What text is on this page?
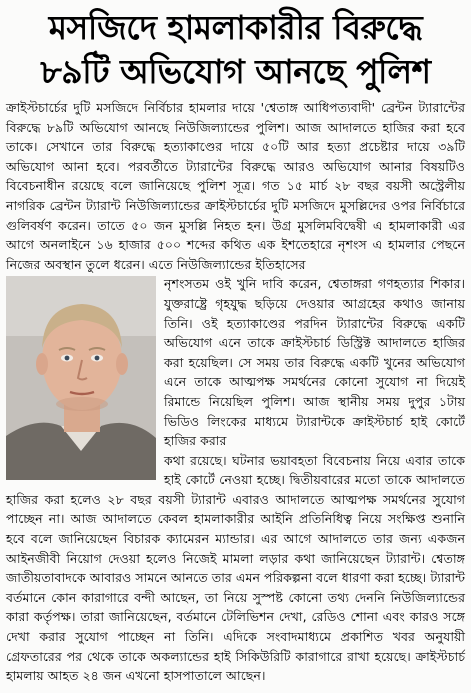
মসজিদে হামলাকারীর বিরুদ্ধে
৮৯টি অভিযোগ আনছে পুলিশ

ক্রাইস্টচার্চের দুটি মসজিদে নির্বিচার হামলার দায়ে 'শ্বেতাঙ্গ আধিপত্যবাদী' ব্রেন্টন ট্যারান্টের বিরুদ্ধে ৮৯টি অভিযোগ আনছে নিউজিল্যান্ডের পুলিশ। আজ আদালতে হাজির করা হবে তাকে। সেখানে তার বিরুদ্ধে হত্যাকাণ্ডের দায়ে ৫০টি আর হত্যা প্রচেষ্টার দায়ে ৩৯টি অভিযোগ আনা হবে। পরবর্তীতে ট্যারান্টের বিরুদ্ধে আরও অভিযোগ আনার বিষয়টিও বিবেচনাধীন রয়েছে বলে জানিয়েছে পুলিশ সূত্র। গত ১৫ মার্চ ২৮ বছর বয়সী অস্ট্রেলীয় নাগরিক ব্রেন্টন ট্যারান্ট নিউজিল্যান্ডের ক্রাইস্টচার্চের দুটি মসজিদে মুসল্লিদের ওপর নির্বিচারে গুলিবর্ষণ করেন। তাতে ৫০ জন মুসল্লি নিহত হন। উগ্র মুসলিমবিদ্বেষী এ হামলাকারী এর আগে অনলাইনে ১৬ হাজার ৫০০ শব্দের কথিত এক ইশতেহারে নৃশংস এ হামলার পেছনে নিজের অবস্থান তুলে ধরেন। এতে নিউজিল্যান্ডের ইতিহাসের

নৃশংসতম ওই খুনি দাবি করেন, শ্বেতাঙ্গরা গণহত্যার শিকার। যুক্তরাষ্ট্রে গৃহযুদ্ধ ছড়িয়ে দেওয়ার আগ্রহের কথাও জানায় তিনি। ওই হত্যাকাণ্ডের পরদিন ট্যারান্টের বিরুদ্ধে একটি অভিযোগ এনে তাকে ক্রাইস্টচার্চ ডিস্ট্রিক্ট আদালতে হাজির করা হয়েছিল। সে সময় তার বিরুদ্ধে একটি খুনের অভিযোগ এনে তাকে আত্মপক্ষ সমর্থনের কোনো সুযোগ না দিয়েই রিমান্ডে নিয়েছিল পুলিশ। আজ স্থানীয় সময় দুপুর ১টায় ভিডিও লিংকের মাধ্যমে ট্যারান্টকে ক্রাইস্টচার্চ হাই কোর্টে হাজির করার

কথা রয়েছে। ঘটনার ভয়াবহতা বিবেচনায় নিয়ে এবার তাকে হাই কোর্টে নেওয়া হচ্ছে। দ্বিতীয়বারের মতো তাকে আদালতে হাজির করা হলেও ২৮ বছর বয়সী ট্যারান্ট এবারও আদালতে আত্মপক্ষ সমর্থনের সুযোগ পাচ্ছেন না। আজ আদালতে কেবল হামলাকারীর আইনি প্রতিনিধিত্ব নিয়ে সংক্ষিপ্ত শুনানি হবে বলে জানিয়েছেন বিচারক ক্যামেরন ম্যান্ডার। এর আগে আদালতে তার জন্য একজন আইনজীবী নিয়োগ দেওয়া হলেও নিজেই মামলা লড়ার কথা জানিয়েছেন ট্যারান্ট। শ্বেতাঙ্গ জাতীয়তাবাদকে আবারও সামনে আনতে তার এমন পরিকল্পনা বলে ধারণা করা হচ্ছে। ট্যারান্ট বর্তমানে কোন কারাগারে বন্দী আছেন, তা নিয়ে সুস্পষ্ট কোনো তথ্য দেননি নিউজিল্যান্ডের কারা কর্তৃপক্ষ। তারা জানিয়েছেন, বর্তমানে টেলিভিশন দেখা, রেডিও শোনা এবং কারও সঙ্গে দেখা করার সুযোগ পাচ্ছেন না তিনি। এদিকে সংবাদমাধ্যমে প্রকাশিত খবর অনুযায়ী গ্রেফতারের পর থেকে তাকে অকল্যান্ডের হাই সিকিউরিটি কারাগারে রাখা হয়েছে। ক্রাইস্টচার্চ হামলায় আহত ২৪ জন এখনো হাসপাতালে আছেন।
